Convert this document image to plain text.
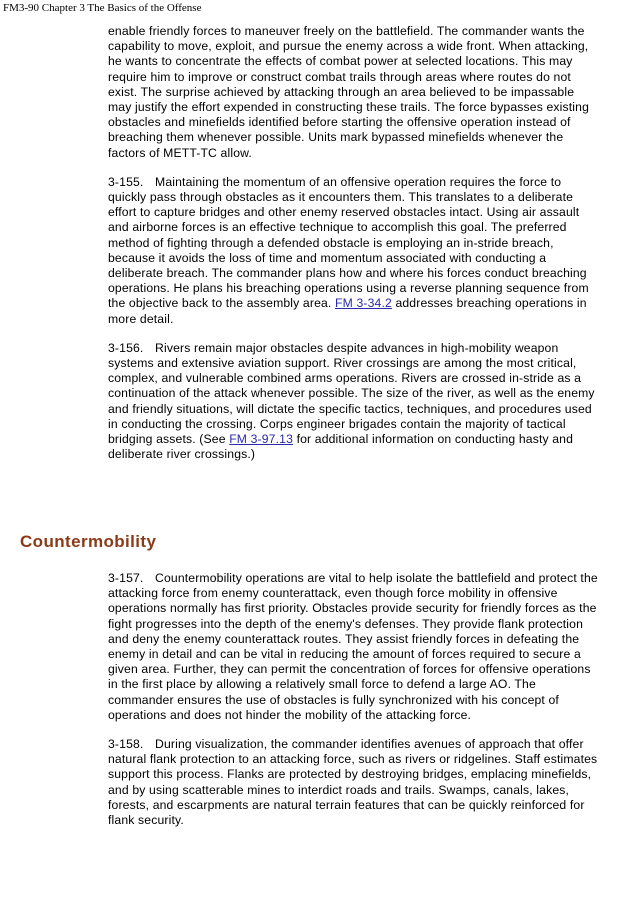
FM3-90 Chapter 3 The Basics of the Offense

enable friendly forces to maneuver freely on the battlefield. The commander wants the capability to move, exploit, and pursue the enemy across a wide front. When attacking, he wants to concentrate the effects of combat power at selected locations. This may require him to improve or construct combat trails through areas where routes do not exist. The surprise achieved by attacking through an area believed to be impassable may justify the effort expended in constructing these trails. The force bypasses existing obstacles and minefields identified before starting the offensive operation instead of breaching them whenever possible. Units mark bypassed minefields whenever the factors of METT-TC allow.

3-155. Maintaining the momentum of an offensive operation requires the force to quickly pass through obstacles as it encounters them. This translates to a deliberate effort to capture bridges and other enemy reserved obstacles intact. Using air assault and airborne forces is an effective technique to accomplish this goal. The preferred method of fighting through a defended obstacle is employing an in-stride breach, because it avoids the loss of time and momentum associated with conducting a deliberate breach. The commander plans how and where his forces conduct breaching operations. He plans his breaching operations using a reverse planning sequence from the objective back to the assembly area. FM 3-34.2 addresses breaching operations in more detail.

3-156. Rivers remain major obstacles despite advances in high-mobility weapon systems and extensive aviation support. River crossings are among the most critical, complex, and vulnerable combined arms operations. Rivers are crossed in-stride as a continuation of the attack whenever possible. The size of the river, as well as the enemy and friendly situations, will dictate the specific tactics, techniques, and procedures used in conducting the crossing. Corps engineer brigades contain the majority of tactical bridging assets. (See FM 3-97.13 for additional information on conducting hasty and deliberate river crossings.)

Countermobility

3-157. Countermobility operations are vital to help isolate the battlefield and protect the attacking force from enemy counterattack, even though force mobility in offensive operations normally has first priority. Obstacles provide security for friendly forces as the fight progresses into the depth of the enemy's defenses. They provide flank protection and deny the enemy counterattack routes. They assist friendly forces in defeating the enemy in detail and can be vital in reducing the amount of forces required to secure a given area. Further, they can permit the concentration of forces for offensive operations in the first place by allowing a relatively small force to defend a large AO. The commander ensures the use of obstacles is fully synchronized with his concept of operations and does not hinder the mobility of the attacking force.

3-158. During visualization, the commander identifies avenues of approach that offer natural flank protection to an attacking force, such as rivers or ridgelines. Staff estimates support this process. Flanks are protected by destroying bridges, emplacing minefields, and by using scatterable mines to interdict roads and trails. Swamps, canals, lakes, forests, and escarpments are natural terrain features that can be quickly reinforced for flank security.
